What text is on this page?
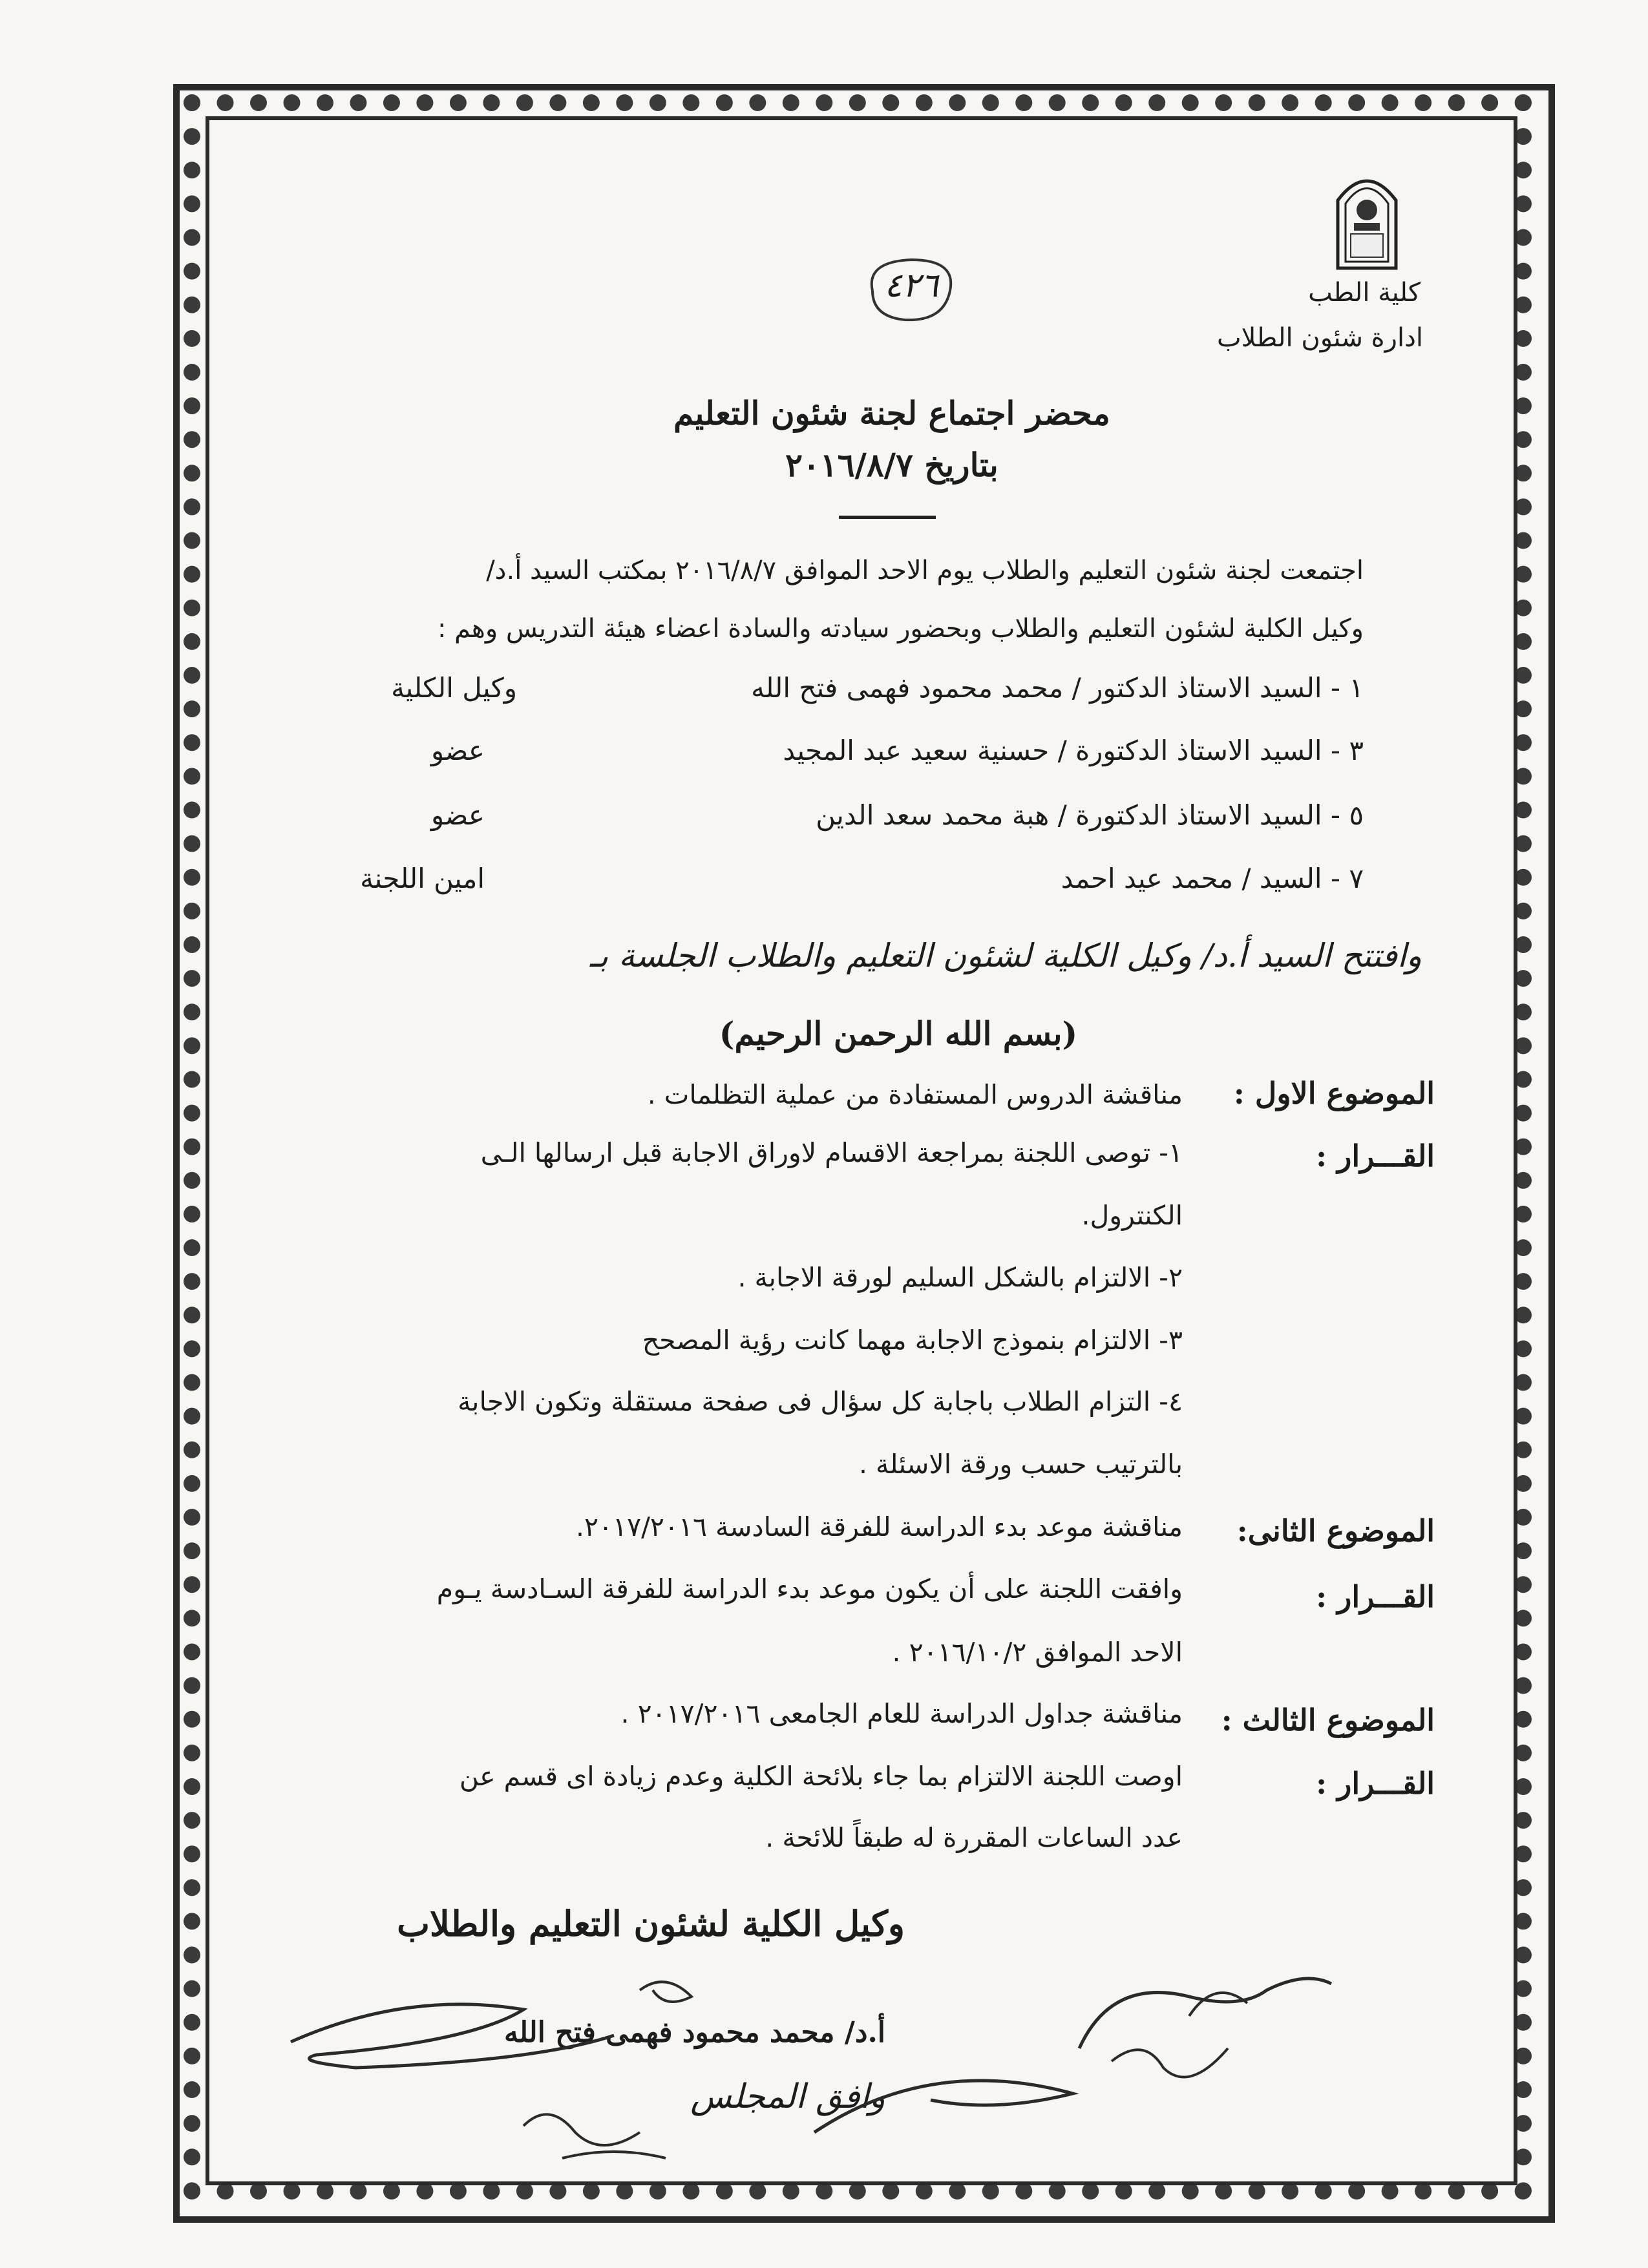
كلية الطب
ادارة شئون الطلاب
٤٢٦
محضر اجتماع لجنة شئون التعليم
بتاريخ ٢٠١٦/٨/٧
اجتمعت لجنة شئون التعليم والطلاب يوم الاحد الموافق ٢٠١٦/٨/٧ بمكتب السيد أ.د/
وكيل الكلية لشئون التعليم والطلاب وبحضور سيادته والسادة اعضاء هيئة التدريس وهم :
١ - السيد الاستاذ الدكتور / محمد محمود فهمى فتح الله
وكيل الكلية
٣ - السيد الاستاذ الدكتورة / حسنية سعيد عبد المجيد
عضو
٥ - السيد الاستاذ الدكتورة / هبة محمد سعد الدين
عضو
٧ - السيد / محمد عيد احمد
امين اللجنة
وافتتح السيد أ.د/ وكيل الكلية لشئون التعليم والطلاب الجلسة بـ
(بسم الله الرحمن الرحيم)
الموضوع الاول :
مناقشة الدروس المستفادة من عملية التظلمات .
القـــرار :
١- توصى اللجنة بمراجعة الاقسام لاوراق الاجابة قبل ارسالها الـى
الكنترول.
٢- الالتزام بالشكل السليم لورقة الاجابة .
٣- الالتزام بنموذج الاجابة مهما كانت رؤية المصحح
٤- التزام الطلاب باجابة كل سؤال فى صفحة مستقلة وتكون الاجابة
بالترتيب حسب ورقة الاسئلة .
الموضوع الثانى:
مناقشة موعد بدء الدراسة للفرقة السادسة ٢٠١٧/٢٠١٦.
القـــرار :
وافقت اللجنة على أن يكون موعد بدء الدراسة للفرقة السـادسة يـوم
الاحد الموافق ٢٠١٦/١٠/٢ .
الموضوع الثالث :
مناقشة جداول الدراسة للعام الجامعى ٢٠١٧/٢٠١٦ .
القـــرار :
اوصت اللجنة الالتزام بما جاء بلائحة الكلية وعدم زيادة اى قسم عن
عدد الساعات المقررة له طبقاً للائحة .
وكيل الكلية لشئون التعليم والطلاب
أ.د/ محمد محمود فهمى فتح الله
وافق المجلس
